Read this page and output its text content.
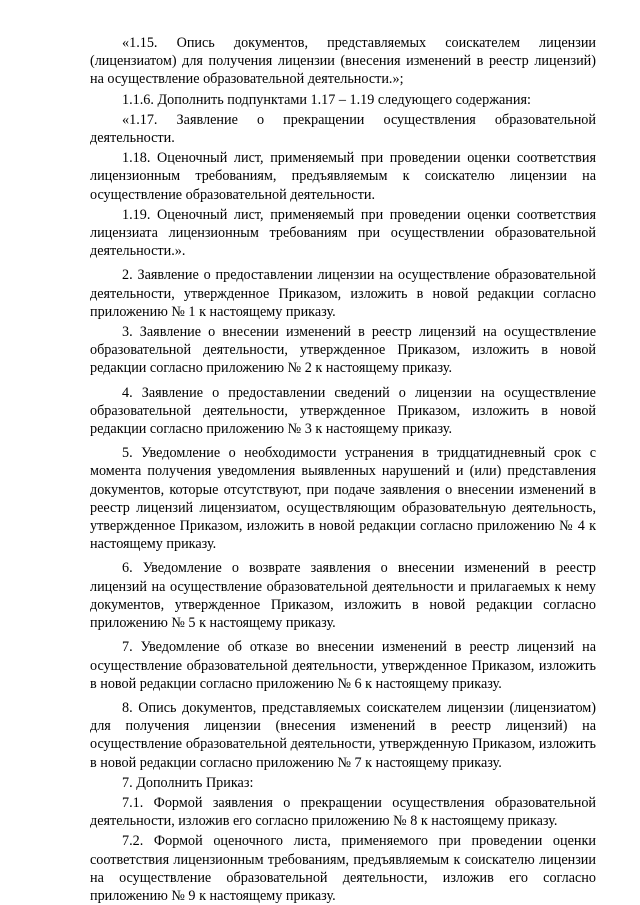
«1.15. Опись документов, представляемых соискателем лицензии (лицензиатом) для получения лицензии (внесения изменений в реестр лицензий) на осуществление образовательной деятельности.»;

1.1.6. Дополнить подпунктами 1.17 – 1.19 следующего содержания:

«1.17. Заявление о прекращении осуществления образовательной деятельности.

1.18. Оценочный лист, применяемый при проведении оценки соответствия лицензионным требованиям, предъявляемым к соискателю лицензии на осуществление образовательной деятельности.

1.19. Оценочный лист, применяемый при проведении оценки соответствия лицензиата лицензионным требованиям при осуществлении образовательной деятельности.».

2. Заявление о предоставлении лицензии на осуществление образовательной деятельности, утвержденное Приказом, изложить в новой редакции согласно приложению № 1 к настоящему приказу.

3. Заявление о внесении изменений в реестр лицензий на осуществление образовательной деятельности, утвержденное Приказом, изложить в новой редакции согласно приложению № 2 к настоящему приказу.

4. Заявление о предоставлении сведений о лицензии на осуществление образовательной деятельности, утвержденное Приказом, изложить в новой редакции согласно приложению № 3 к настоящему приказу.

5. Уведомление о необходимости устранения в тридцатидневный срок с момента получения уведомления выявленных нарушений и (или) представления документов, которые отсутствуют, при подаче заявления о внесении изменений в реестр лицензий лицензиатом, осуществляющим образовательную деятельность, утвержденное Приказом, изложить в новой редакции согласно приложению № 4 к настоящему приказу.

6. Уведомление о возврате заявления о внесении изменений в реестр лицензий на осуществление образовательной деятельности и прилагаемых к нему документов, утвержденное Приказом, изложить в новой редакции согласно приложению № 5 к настоящему приказу.

7. Уведомление об отказе во внесении изменений в реестр лицензий на осуществление образовательной деятельности, утвержденное Приказом, изложить в новой редакции согласно приложению № 6 к настоящему приказу.

8. Опись документов, представляемых соискателем лицензии (лицензиатом) для получения лицензии (внесения изменений в реестр лицензий) на осуществление образовательной деятельности, утвержденную Приказом, изложить в новой редакции согласно приложению № 7 к настоящему приказу.

7. Дополнить Приказ:

7.1. Формой заявления о прекращении осуществления образовательной деятельности, изложив его согласно приложению № 8 к настоящему приказу.

7.2. Формой оценочного листа, применяемого при проведении оценки соответствия лицензионным требованиям, предъявляемым к соискателю лицензии на осуществление образовательной деятельности, изложив его согласно приложению № 9 к настоящему приказу.
